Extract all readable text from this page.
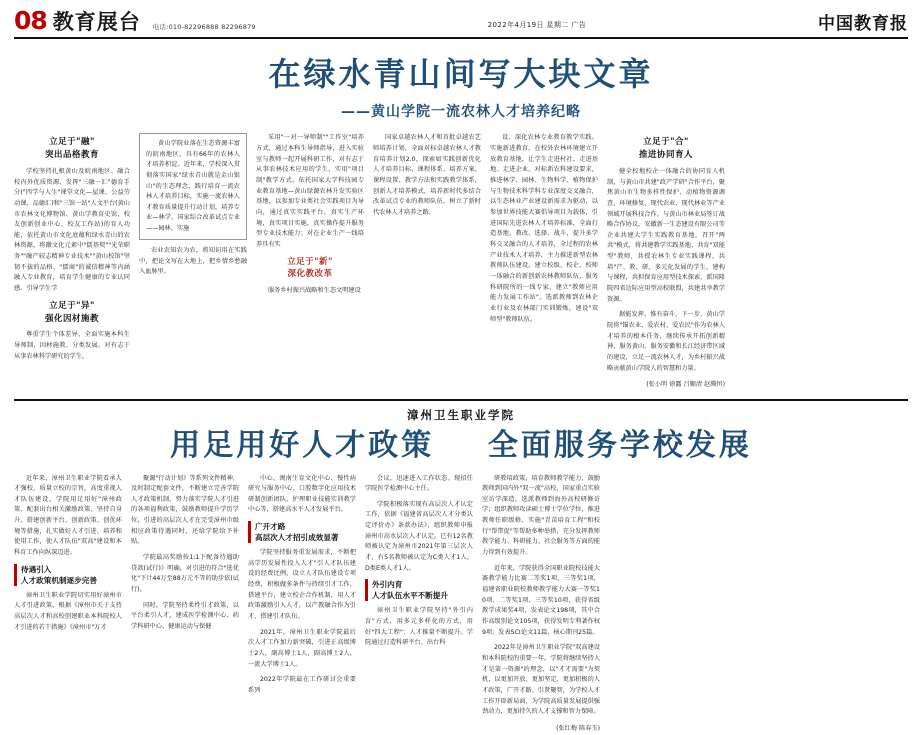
08 教育展台	电话:010-82296888 82296879	2022年4月19日 星期二 广告	中国教育报
在绿水青山间写大块文章
——黄山学院一流农林人才培养纪略
立足于"融"
突出品格教育

学校坚持扎根黄山及皖南地区、融合校内外优质资源，发挥"三融一汇"德育手分("四学与人生"课堂文化—屋课、公益劳动课、品德汇)和"三馆一站"人文平台(黄山市农林文化博物馆、黄山学教育史馆、校友创新创业中心、校友工作站)的育人功能，依托黄山市文化底蕴和绿水青山的农林资源，将徽文化元素中"儒基契""光荣职务""融产较志精神专业技术""黄山校馆"坚韧不拔的品格、"儒商"的诚信精神等内涵融入专业教育，培育学生健康的专业认同感。引导学生学

立足于"异"
强化因材施教

尊重学生个体差异，全面实施本科生导师制，因材施教、分类发展。对有志于从事农林科学研究的学生，

黄山学院业落在生态资源丰富的皖南地区，具有66年的农林人才培养积淀。近年来，学校深入贯彻落实国家"绿水青山就是金山银山"的生态理念，践行培育一流农林人才培养目标，实施一流农林人才教育质量提升行动计划，培养专业—林学、国家综合改革试点专业——园林、实施

农业农知农为农，将知识用在实践中，把论文写在大地上，把乡情乡愁融入血脉里。

采用"一对一导师制""工作室"培养方式，通过本科生导师指导，进入实验室与教师一起开展科研工作，对有志于从事农林技术应用的学生，实用"项目制"教学方式。依托国家大学科技园专业教育基地—黄山绿源农林升发实验区基地，以参加专业类社会实践项目为导向，通过真实实践平台，真实生产环境，真实项目实施，真实操作提升服务型专业技术能力；对在企业生产一线培养具有实

立足于"新"
深化教改革

服务乡村振兴战略和生态文明建设

国家卓越农林人才和首批卓越农艺师培养计划，全面对标卓越农林人才教育培养计划2.0，探索如实践创新优化人才培养目标、课程体系、培养方案、课程设置、教学方法和实践教学体系，创新人才培养模式，培养新时代多结合改革试点专业的教师队伍，树立了新时代农林人才培养之路。

设、深化农林专业教育教学实践。实施新进教育，在校外农林环境建立开放教育基地，让学生走进村社、走进基地、走进企业，对标新农科建设要求，推进林学、园林、生物科学、植物保护与生物技术科学科专业深度交叉融合，以生态林业产业建设新需求为驱动，以参加世界技能大赛倡导项目为载体，引进国际先进农林人才培养标准，全面打造基地、教改、选择、战斗，提升多学科交叉融合的人才培养，全过程的农林产业技术人才培养，主力推进新型农林教师队伍建设，建立校级、校企、校师一体融合的新创新农林教师队伍，服务科研院所的一线专家，建立"教师应用能力发展工作站"。选派教师到农林企业行业及农林部门实训锻炼，建设"双师型"教师队伍。

立足于"合"
推进协同育人

健全校地校企一体融合的协同育人机制，与黄山市共建"政产学研"合作平台，聚焦黄山市生物多样性保护、动植物资源调查、环境修复、现代农业、现代林业等产业领域开展科技合作。与黄山市林业局签订战略合作协议，安徽新一生态建设有限公司等企业共建大学生实践教育基地，召开"两共"模式，将共建教学实践基地、共育"双能型"教师，共授农林生专业实践课程，共培"产、教、研、多元化发展的学生、建构与课程，共担保育应用型技术探索，派国隆院四省边际应用型高校联盟，共建共享教学资源。

据能发挥、惟有奋斗，下一步，黄山学院将"锚农业、爱农村、爱农民"作为农林人才培养的根本任务，继续传承开拓创新精神，服务黄山、服务安徽和长江经济带区域的建设，立足一流农林人才，为乡村振兴战略贡献黄山学院人的智慧和力量。

(张小明 徐露 吕顺清 赵腾恒)
漳州卫生职业学院
用足用好人才政策 全面服务学校发展

近年来，漳州卫生职业学院看承人才强校、质量立校的宗旨，高度重视人才队伍建设，学院用足用好"漳州政策、配套出台相关激励政策、坚持自身升、搭建创新平台、创新政策、创优环境等措施，扎实做好人才引进、培养和使用工作，使人才队伍"双高"建设和本科育工作向纵深迈进。

待遇引入
人才政策机制逐步完善

漳州卫生职业学院切实用好漳州市人才引进政策，根据《漳州市关于支持高层次人才和高校创建职业本科院校人才引进的若干措施》《漳州市"万才

聚源"行动计划》等系列文件精神，及时制定配套文件，不断建立完善学院人才政策机制，努力落实学院人才引进的各项福利政策，鼓励教师提升学历学位，引进的高层次人才在完受漳州市级相应政策待遇同时，还给学院给予补贴。

学院最高奖励按1:1下配备待遇助贷款(试行)》明确，对引进的符合"选优化"下计44万至88万元不等的助步依(试行)。

同时，学院坚持柔性引才政策，以平台柔引人才，建成医学检测中心、药学科研中心、健康运动与保健

中心、闽南生育文化中心、慢性病研究与服务中心、口腔数字化应用技术研制创新团队、护理职业技能实训教学中心等，搭建高水平人才发展平台。

广开才路
高层次人才招引成效显著

学院坚持服务重发展需求，不断把高学历发展性投入人才"引人才队伍建设的经费比例，设立人才队伍建设专项经费，积极做多条件与持续引才工作，搭建平台，建立校企合作机制，用人才政策激励引人人才，以产教融合作为引才，搭建引才队伍。

2021年，漳州卫生职业学院最后次人才工作加力新突破，引进正高级博士2人，副高博士1人，副高博士2人，一流大学博士1人。

2022年学院最在工作研讨会重要系列

会议，迅速进入工作状态。现招任学院医学检测中心主任。

学院积极落实现有高层次人才认定工作，依据《福建省高层次人才分类认定评价办》条款办法》，组织教师申报漳州市高水层次人才认定。已有12名教师被认定为漳州市2021年第三层次人才，有5名教师被认定为C类人才1人、D类E类人才1人。

外引内育
人才队伍水平不断提升

漳州卫生职业学院坚持"外引内育"方式，用多元多样化的方式，用好"四大工程"：人才推量不断提升。学院通过打造科研平台、出台科

研教培政策，培育教师教学能力，鼓励教师到国内外"双一流"高校、国家重点实验室访学深造，选派教师到海外高校研修访学；组织教师攻读硕士博士学位学位，推进教师任职级格、实施"青苗培育工程"和校行"帮带促"等帮助多种举措，充分发挥教师教学能力、科研能力、社会服务等方面的能力得到有效提升。

近年来，学院获得全国职业院校技能大赛教学能力比赛二等奖1项、三等奖1项，福建省职业院校教师教学能力大赛一等奖10项、二等奖1项、三等奖10项，获得省级教学成果奖4项，发表论文198项，其中合作高级别论文105项，获得发明专利著作权9项；发表SCI论文11篇，核心期刊25篇。

2022年是漳州卫生职业学院"双高建设和本科院校的重要一年。学院将继续坚持人才是第一资源"的理念，以"才才需要"为契机，以更加开放、更加坚定、更加积极的人才政策，广开才路、引贤聚智，为学校人才工作开辟新局面，为学院高质量发展提供强劲动力，更加持久的人才支撑和智力保障。

(张红梅 陈春玉)
